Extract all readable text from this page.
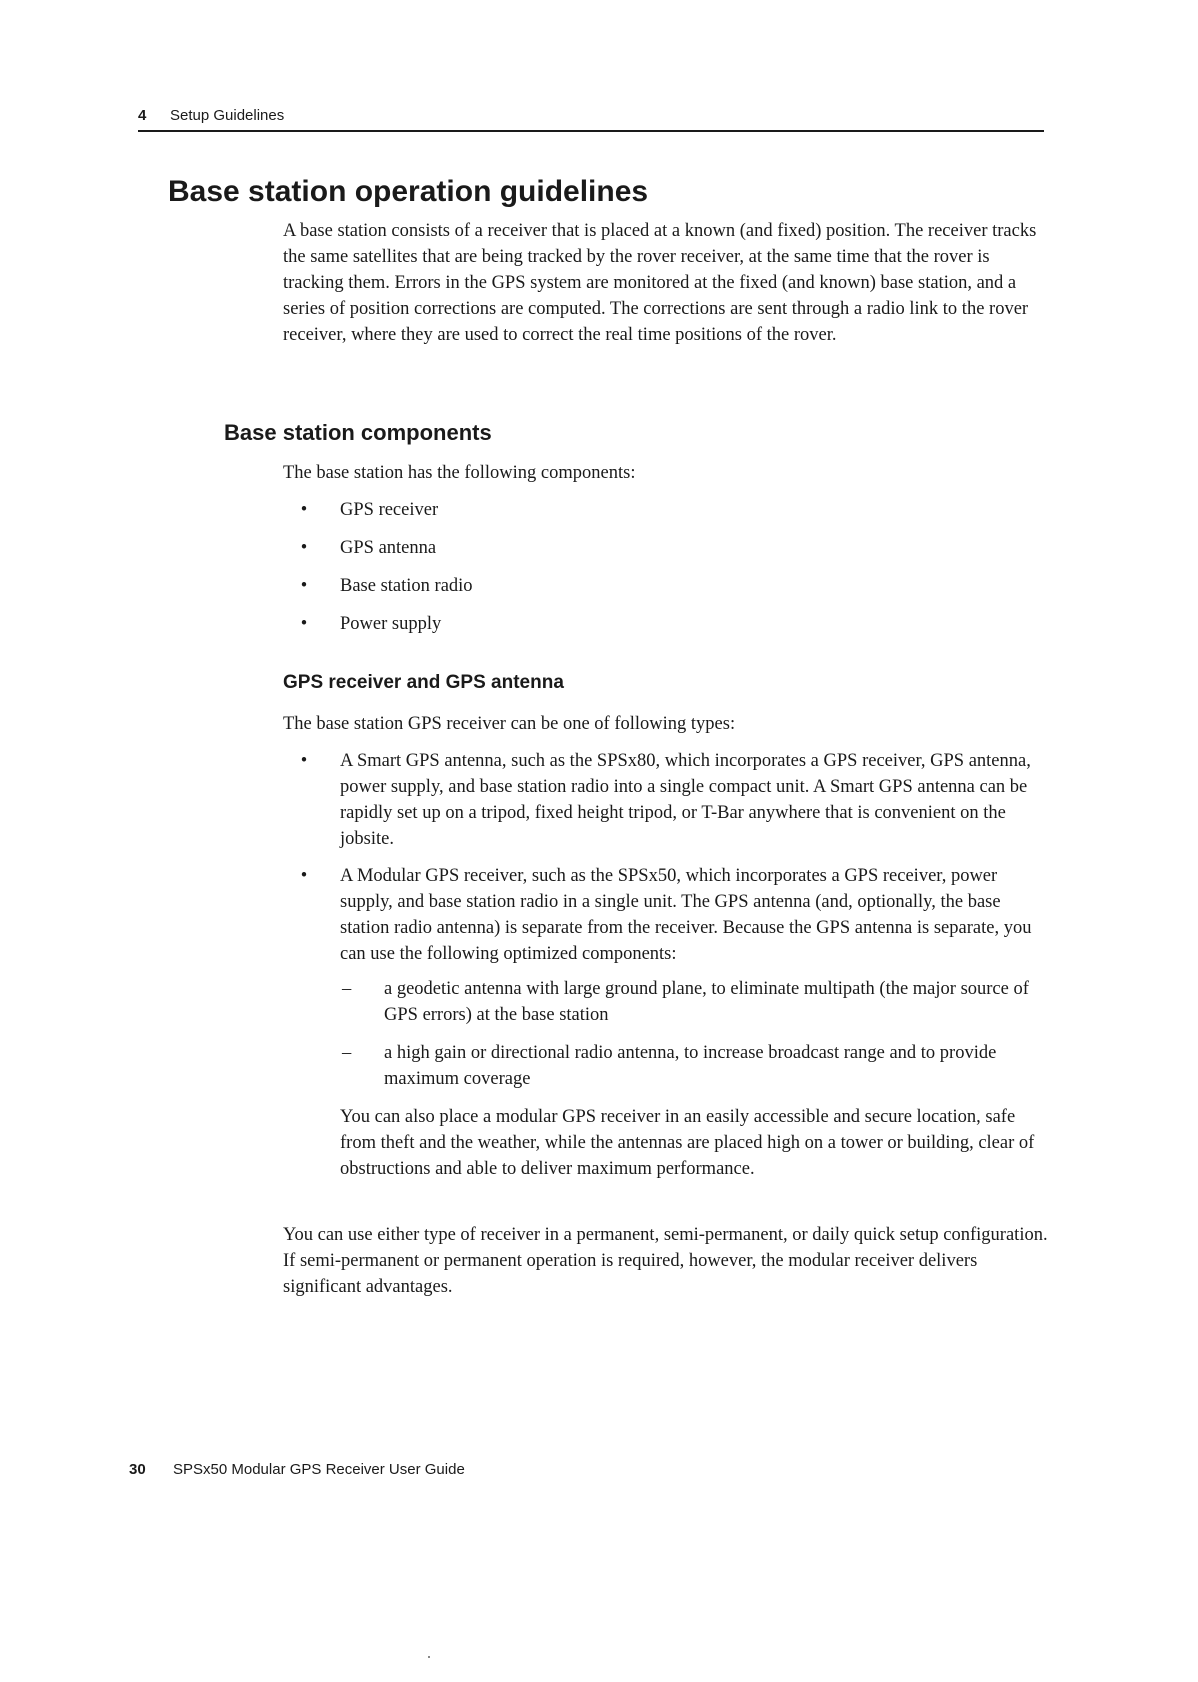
4 Setup Guidelines
Base station operation guidelines

A base station consists of a receiver that is placed at a known (and fixed) position. The receiver tracks the same satellites that are being tracked by the rover receiver, at the same time that the rover is tracking them. Errors in the GPS system are monitored at the fixed (and known) base station, and a series of position corrections are computed. The corrections are sent through a radio link to the rover receiver, where they are used to correct the real time positions of the rover.

Base station components

The base station has the following components:

• GPS receiver
• GPS antenna
• Base station radio
• Power supply
GPS receiver and GPS antenna

The base station GPS receiver can be one of following types:

• A Smart GPS antenna, such as the SPSx80, which incorporates a GPS receiver, GPS antenna, power supply, and base station radio into a single compact unit. A Smart GPS antenna can be rapidly set up on a tripod, fixed height tripod, or T-Bar anywhere that is convenient on the jobsite.
• A Modular GPS receiver, such as the SPSx50, which incorporates a GPS receiver, power supply, and base station radio in a single unit. The GPS antenna (and, optionally, the base station radio antenna) is separate from the receiver. Because the GPS antenna is separate, you can use the following optimized components:
– a geodetic antenna with large ground plane, to eliminate multipath (the major source of GPS errors) at the base station
– a high gain or directional radio antenna, to increase broadcast range and to provide maximum coverage

You can also place a modular GPS receiver in an easily accessible and secure location, safe from theft and the weather, while the antennas are placed high on a tower or building, clear of obstructions and able to deliver maximum performance.

You can use either type of receiver in a permanent, semi-permanent, or daily quick setup configuration. If semi-permanent or permanent operation is required, however, the modular receiver delivers significant advantages.

30 SPSx50 Modular GPS Receiver User Guide
